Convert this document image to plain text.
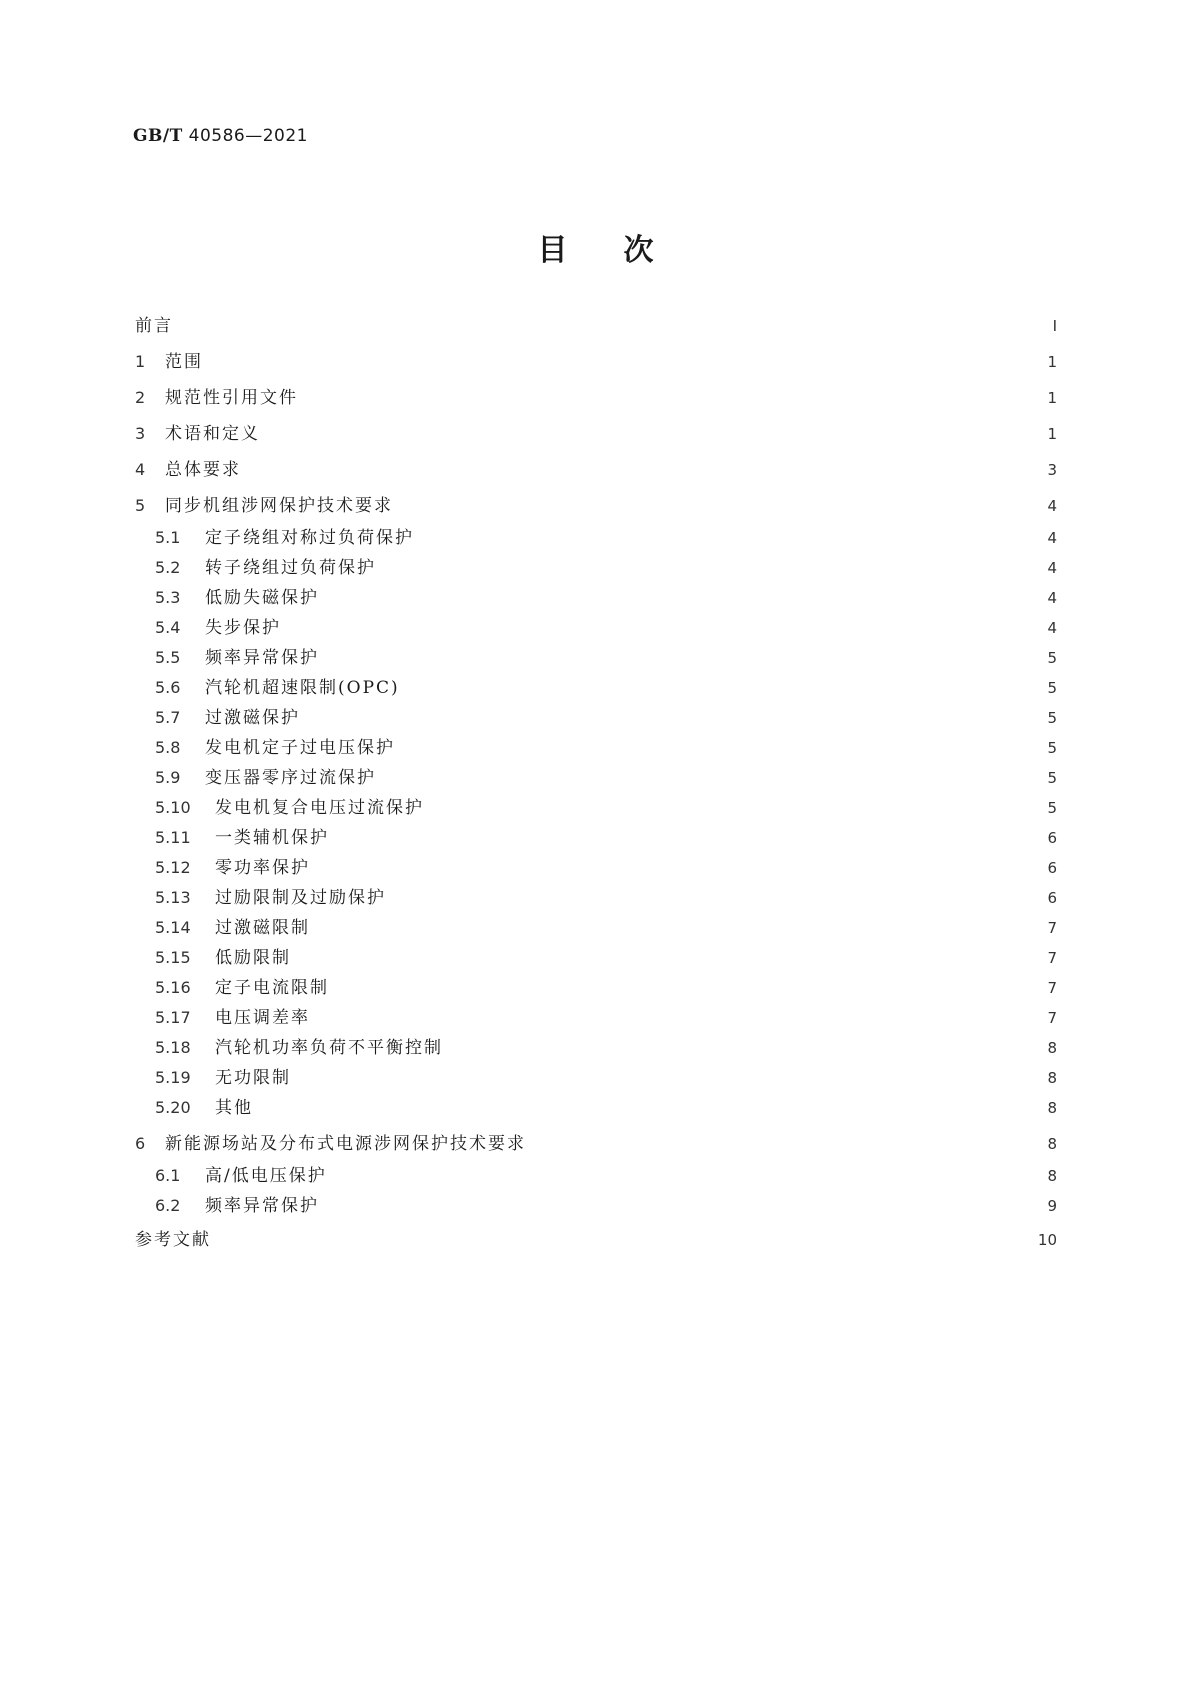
GB/T 40586—2021
目次
前言	Ⅰ
1	范围	1
2	规范性引用文件	1
3	术语和定义	1
4	总体要求	3
5	同步机组涉网保护技术要求	4
5.1	定子绕组对称过负荷保护	4
5.2	转子绕组过负荷保护	4
5.3	低励失磁保护	4
5.4	失步保护	4
5.5	频率异常保护	5
5.6	汽轮机超速限制(OPC)	5
5.7	过激磁保护	5
5.8	发电机定子过电压保护	5
5.9	变压器零序过流保护	5
5.10	发电机复合电压过流保护	5
5.11	一类辅机保护	6
5.12	零功率保护	6
5.13	过励限制及过励保护	6
5.14	过激磁限制	7
5.15	低励限制	7
5.16	定子电流限制	7
5.17	电压调差率	7
5.18	汽轮机功率负荷不平衡控制	8
5.19	无功限制	8
5.20	其他	8
6	新能源场站及分布式电源涉网保护技术要求	8
6.1	高/低电压保护	8
6.2	频率异常保护	9
参考文献	10
